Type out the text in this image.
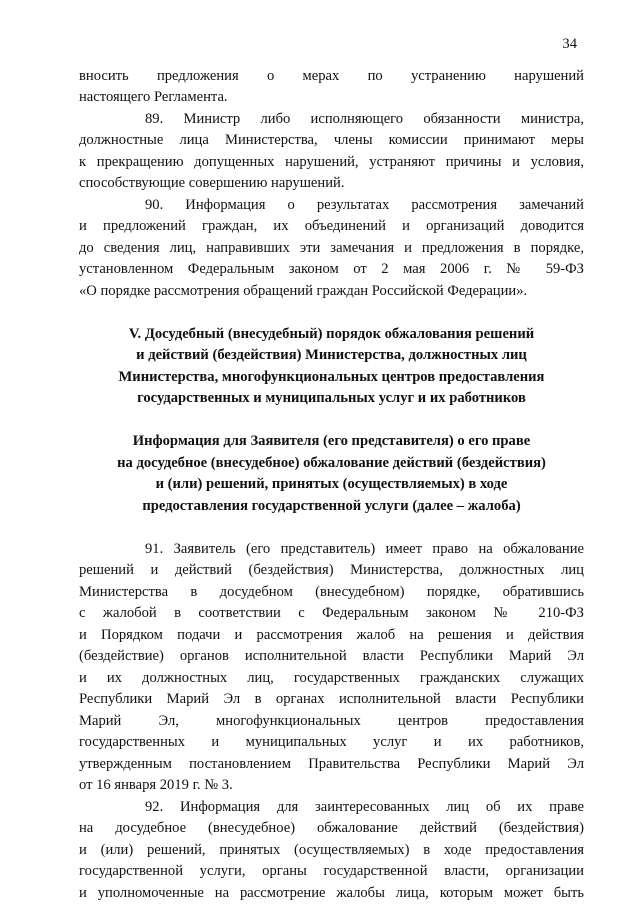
34
вносить предложения о мерах по устранению нарушений
настоящего Регламента.
89. Министр либо исполняющего обязанности министра,
должностные лица Министерства, члены комиссии принимают меры
к прекращению допущенных нарушений, устраняют причины и условия,
способствующие совершению нарушений.
90. Информация о результатах рассмотрения замечаний
и предложений граждан, их объединений и организаций доводится
до сведения лиц, направивших эти замечания и предложения в порядке,
установленном Федеральным законом от 2 мая 2006 г. № 59-ФЗ
«О порядке рассмотрения обращений граждан Российской Федерации».
V. Досудебный (внесудебный) порядок обжалования решений
и действий (бездействия) Министерства, должностных лиц
Министерства, многофункциональных центров предоставления
государственных и муниципальных услуг и их работников
Информация для Заявителя (его представителя) о его праве
на досудебное (внесудебное) обжалование действий (бездействия)
и (или) решений, принятых (осуществляемых) в ходе
предоставления государственной услуги (далее – жалоба)
91. Заявитель (его представитель) имеет право на обжалование
решений и действий (бездействия) Министерства, должностных лиц
Министерства в досудебном (внесудебном) порядке, обратившись
с жалобой в соответствии с Федеральным законом № 210-ФЗ
и Порядком подачи и рассмотрения жалоб на решения и действия
(бездействие) органов исполнительной власти Республики Марий Эл
и их должностных лиц, государственных гражданских служащих
Республики Марий Эл в органах исполнительной власти Республики
Марий Эл, многофункциональных центров предоставления
государственных и муниципальных услуг и их работников,
утвержденным постановлением Правительства Республики Марий Эл
от 16 января 2019 г. № 3.
92. Информация для заинтересованных лиц об их праве
на досудебное (внесудебное) обжалование действий (бездействия)
и (или) решений, принятых (осуществляемых) в ходе предоставления
государственной услуги, органы государственной власти, организации
и уполномоченные на рассмотрение жалобы лица, которым может быть
